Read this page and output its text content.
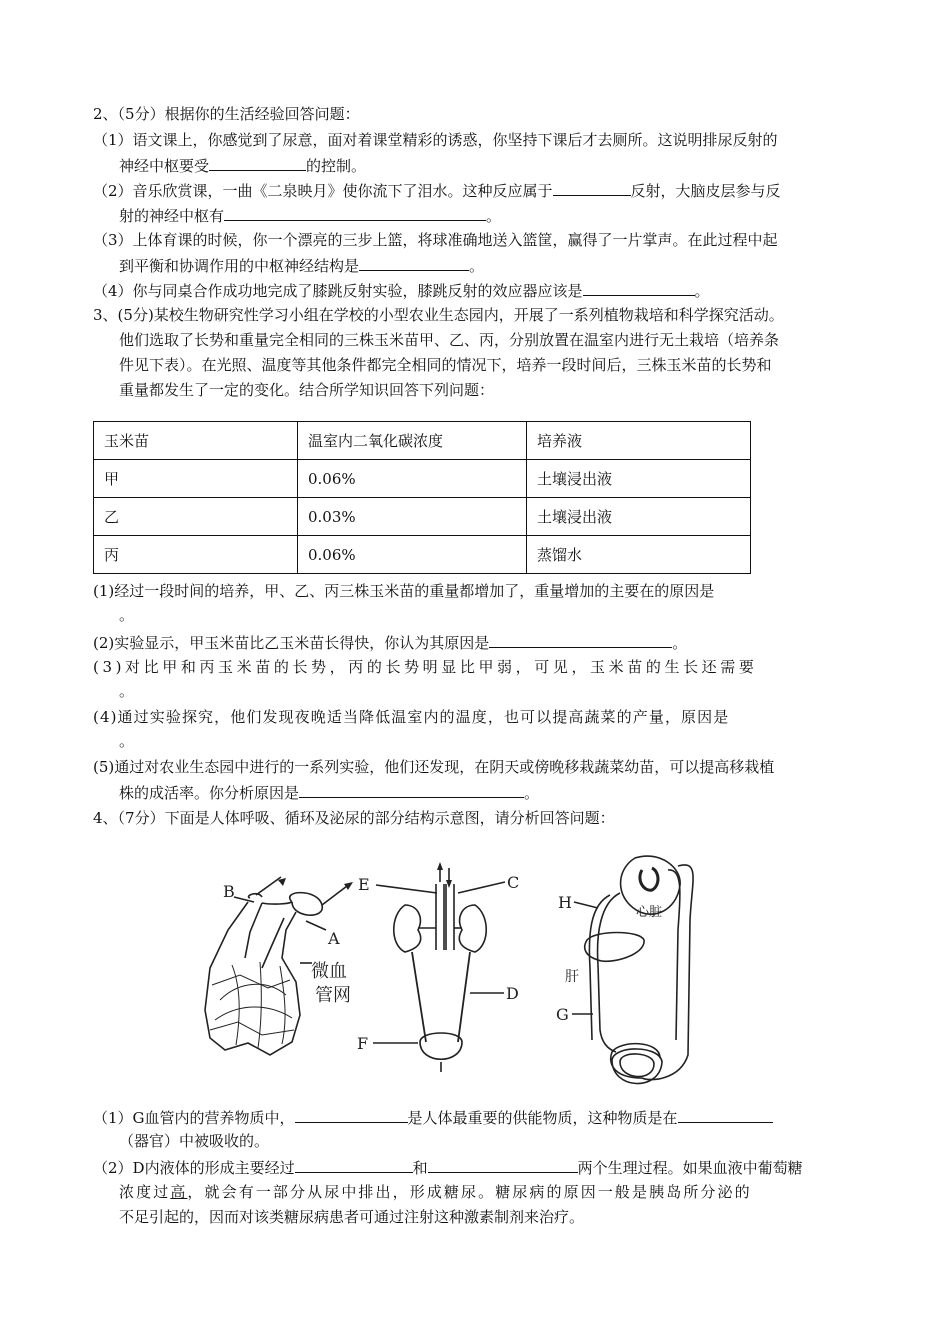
2、（5分）根据你的生活经验回答问题：
（1）语文课上，你感觉到了尿意，面对着课堂精彩的诱惑，你坚持下课后才去厕所。这说明排尿反射的
神经中枢要受	的控制。
（2）音乐欣赏课，一曲《二泉映月》使你流下了泪水。这种反应属于	反射，大脑皮层参与反
射的神经中枢有	。
（3）上体育课的时候，你一个漂亮的三步上篮，将球准确地送入篮筐，赢得了一片掌声。在此过程中起
到平衡和协调作用的中枢神经结构是	。
（4）你与同桌合作成功地完成了膝跳反射实验，膝跳反射的效应器应该是	。
3、(5分)某校生物研究性学习小组在学校的小型农业生态园内，开展了一系列植物栽培和科学探究活动。
他们选取了长势和重量完全相同的三株玉米苗甲、乙、丙，分别放置在温室内进行无土栽培（培养条
件见下表）。在光照、温度等其他条件都完全相同的情况下，培养一段时间后，三株玉米苗的长势和
重量都发生了一定的变化。结合所学知识回答下列问题：
玉米苗	温室内二氧化碳浓度	培养液
甲	0.06%	土壤浸出液
乙	0.03%	土壤浸出液
丙	0.06%	蒸馏水
(1)经过一段时间的培养，甲、乙、丙三株玉米苗的重量都增加了，重量增加的主要在的原因是
。
(2)实验显示，甲玉米苗比乙玉米苗长得快，你认为其原因是	。
(3)对比甲和丙玉米苗的长势，丙的长势明显比甲弱，可见，玉米苗的生长还需要
。
(4)通过实验探究，他们发现夜晚适当降低温室内的温度，也可以提高蔬菜的产量，原因是
。
(5)通过对农业生态园中进行的一系列实验，他们还发现，在阴天或傍晚移栽蔬菜幼苗，可以提高移栽植
株的成活率。你分析原因是	。
4、（7分）下面是人体呼吸、循环及泌尿的部分结构示意图，请分析回答问题：
B
A
微血
管网
E	C
D
F
H
心脏
肝
G
（1）G血管内的营养物质中，	是人体最重要的供能物质，这种物质是在
（器官）中被吸收的。
（2）D内液体的形成主要经过	和	两个生理过程。如果血液中葡萄糖
浓度过高，就会有一部分从尿中排出，形成糖尿。糖尿病的原因一般是胰岛所分泌的
不足引起的，因而对该类糖尿病患者可通过注射这种激素制剂来治疗。
